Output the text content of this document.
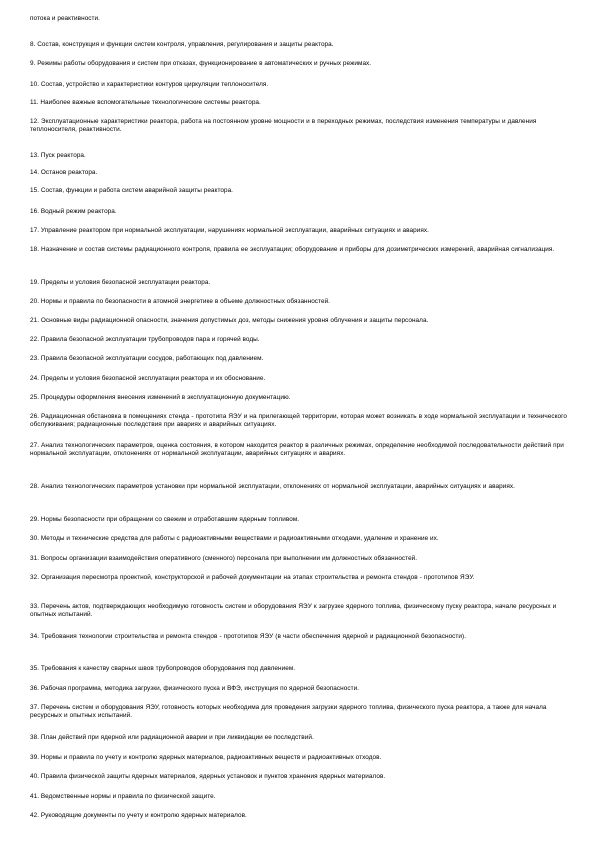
потока и реактивности.
8. Состав, конструкция и функции систем контроля, управления, регулирования и защиты реактора.
9. Режимы работы оборудования и систем при отказах, функционирование в автоматических и ручных режимах.
10. Состав, устройство и характеристики контуров циркуляции теплоносителя.
11. Наиболее важные вспомогательные технологические системы реактора.
12. Эксплуатационные характеристики реактора, работа на постоянном уровне мощности и в переходных режимах, последствия изменения температуры и давления теплоносителя, реактивности.
13. Пуск реактора.
14. Останов реактора.
15. Состав, функции и работа систем аварийной защиты реактора.
16. Водный режим реактора.
17. Управление реактором при нормальной эксплуатации, нарушениях нормальной эксплуатации, аварийных ситуациях и авариях.
18. Назначение и состав системы радиационного контроля, правила ее эксплуатации; оборудование и приборы для дозиметрических измерений, аварийная сигнализация.
19. Пределы и условия безопасной эксплуатации реактора.
20. Нормы и правила по безопасности в атомной энергетике в объеме должностных обязанностей.
21. Основные виды радиационной опасности, значения допустимых доз, методы снижения уровня облучения и защиты персонала.
22. Правила безопасной эксплуатации трубопроводов пара и горячей воды.
23. Правила безопасной эксплуатации сосудов, работающих под давлением.
24. Пределы и условия безопасной эксплуатации реактора и их обоснование.
25. Процедуры оформления внесения изменений в эксплуатационную документацию.
26. Радиационная обстановка в помещениях стенда - прототипа ЯЭУ и на прилегающей территории, которая может возникать в ходе нормальной эксплуатации и технического обслуживания; радиационные последствия при авариях и аварийных ситуациях.
27. Анализ технологических параметров, оценка состояния, в котором находится реактор в различных режимах, определение необходимой последовательности действий при нормальной эксплуатации, отклонениях от нормальной эксплуатации, аварийных ситуациях и авариях.
28. Анализ технологических параметров установки при нормальной эксплуатации, отклонениях от нормальной эксплуатации, аварийных ситуациях и авариях.
29. Нормы безопасности при обращении со свежим и отработавшим ядерным топливом.
30. Методы и технические средства для работы с радиоактивными веществами и радиоактивными отходами, удаление и хранение их.
31. Вопросы организации взаимодействия оперативного (сменного) персонала при выполнении им должностных обязанностей.
32. Организация пересмотра проектной, конструкторской и рабочей документации на этапах строительства и ремонта стендов - прототипов ЯЭУ.
33. Перечень актов, подтверждающих необходимую готовность систем и оборудования ЯЭУ к загрузке ядерного топлива, физическому пуску реактора, начале ресурсных и опытных испытаний.
34. Требования технологии строительства и ремонта стендов - прототипов ЯЭУ (в части обеспечения ядерной и радиационной безопасности).
35. Требования к качеству сварных швов трубопроводов оборудования под давлением.
36. Рабочая программа, методика загрузки, физического пуска и ВФЭ, инструкция по ядерной безопасности.
37. Перечень систем и оборудования ЯЭУ, готовность которых необходима для проведения загрузки ядерного топлива, физического пуска реактора, а также для начала ресурсных и опытных испытаний.
38. План действий при ядерной или радиационной аварии и при ликвидации ее последствий.
39. Нормы и правила по учету и контролю ядерных материалов, радиоактивных веществ и радиоактивных отходов.
40. Правила физической защиты ядерных материалов, ядерных установок и пунктов хранения ядерных материалов.
41. Ведомственные нормы и правила по физической защите.
42. Руководящие документы по учету и контролю ядерных материалов.
